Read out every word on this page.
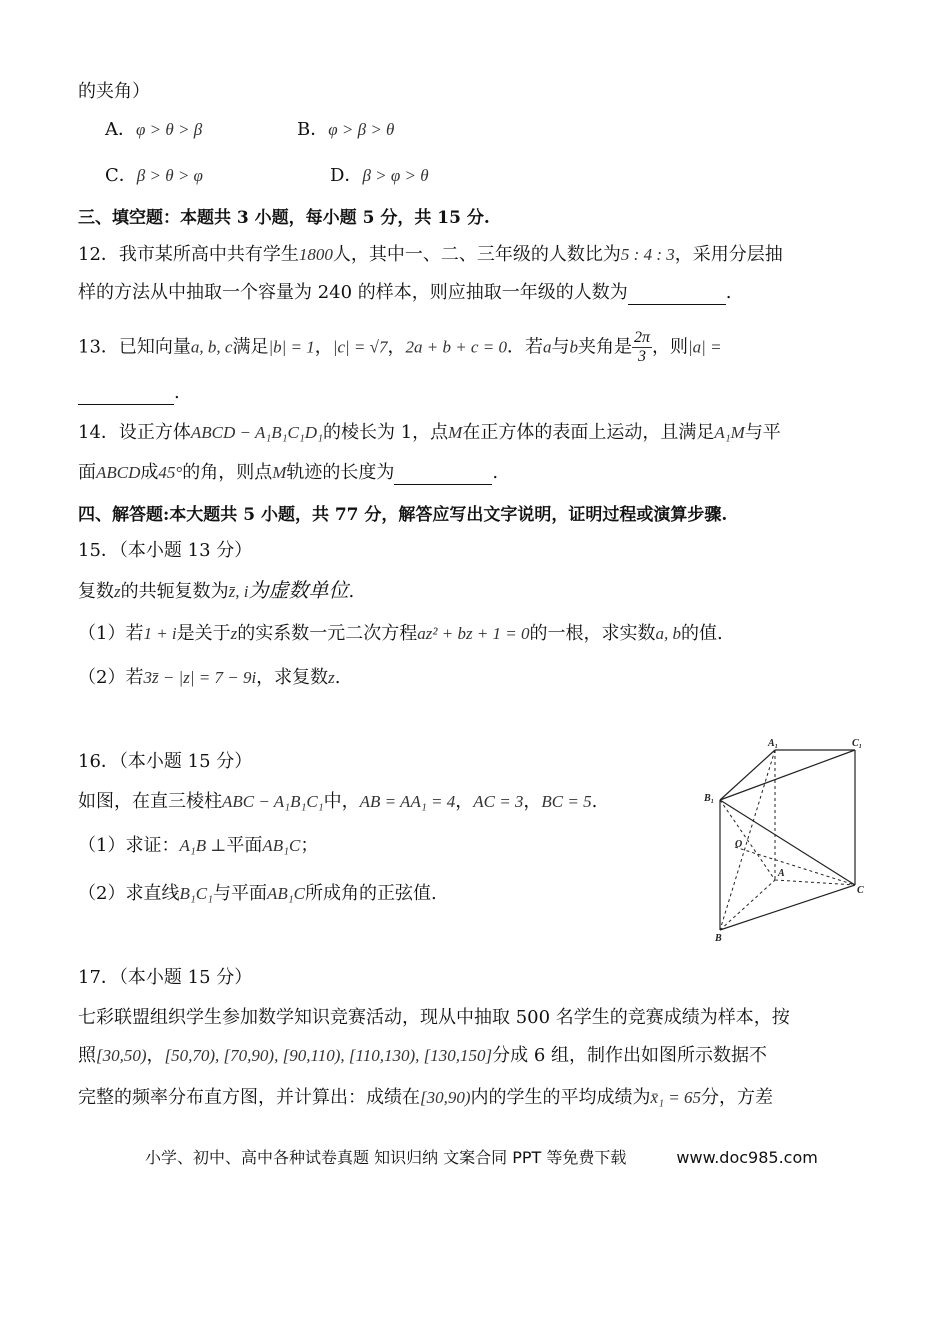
的夹角）
A．φ > θ > β	B．φ > β > θ
C．β > θ > φ	D．β > φ > θ
三、填空题：本题共 3 小题，每小题 5 分，共 15 分.
12．我市某所高中共有学生1800人，其中一、二、三年级的人数比为5 : 4 : 3，采用分层抽
样的方法从中抽取一个容量为 240 的样本，则应抽取一年级的人数为	.
13．已知向量a, b, c满足|b| = 1，|c| = √7，2a + b + c = 0．若a与b夹角是 $\frac{2\pi}{3}$ ，则|a| =
.
14．设正方体ABCD − A₁B₁C₁D₁的棱长为 1，点M在正方体的表面上运动，且满足A₁M与平
面ABCD成45°的角，则点M轨迹的长度为	.
四、解答题:本大题共 5 小题，共 77 分，解答应写出文字说明，证明过程或演算步骤.
15．（本小题 13 分）
复数z的共轭复数为z̄, i为虚数单位.
（1）若1 + i是关于z的实系数一元二次方程az² + bz + 1 = 0的一根，求实数a, b的值.
（2）若3z̄ − |z| = 7 − 9i，求复数z.
16．（本小题 15 分）
如图，在直三棱柱ABC − A₁B₁C₁中，AB = AA₁ = 4，AC = 3，BC = 5.
（1）求证：A₁B ⊥平面AB₁C；
（2）求直线B₁C₁与平面AB₁C所成角的正弦值.
A₁	C₁
B₁
O
A
C
B
17．（本小题 15 分）
七彩联盟组织学生参加数学知识竞赛活动，现从中抽取 500 名学生的竞赛成绩为样本，按
照[30,50)，[50,70), [70,90), [90,110), [110,130), [130,150]分成 6 组，制作出如图所示数据不
完整的频率分布直方图，并计算出：成绩在[30,90)内的学生的平均成绩为x̄₁ = 65分，方差
小学、初中、高中各种试卷真题 知识归纳 文案合同 PPT 等免费下载	www.doc985.com
